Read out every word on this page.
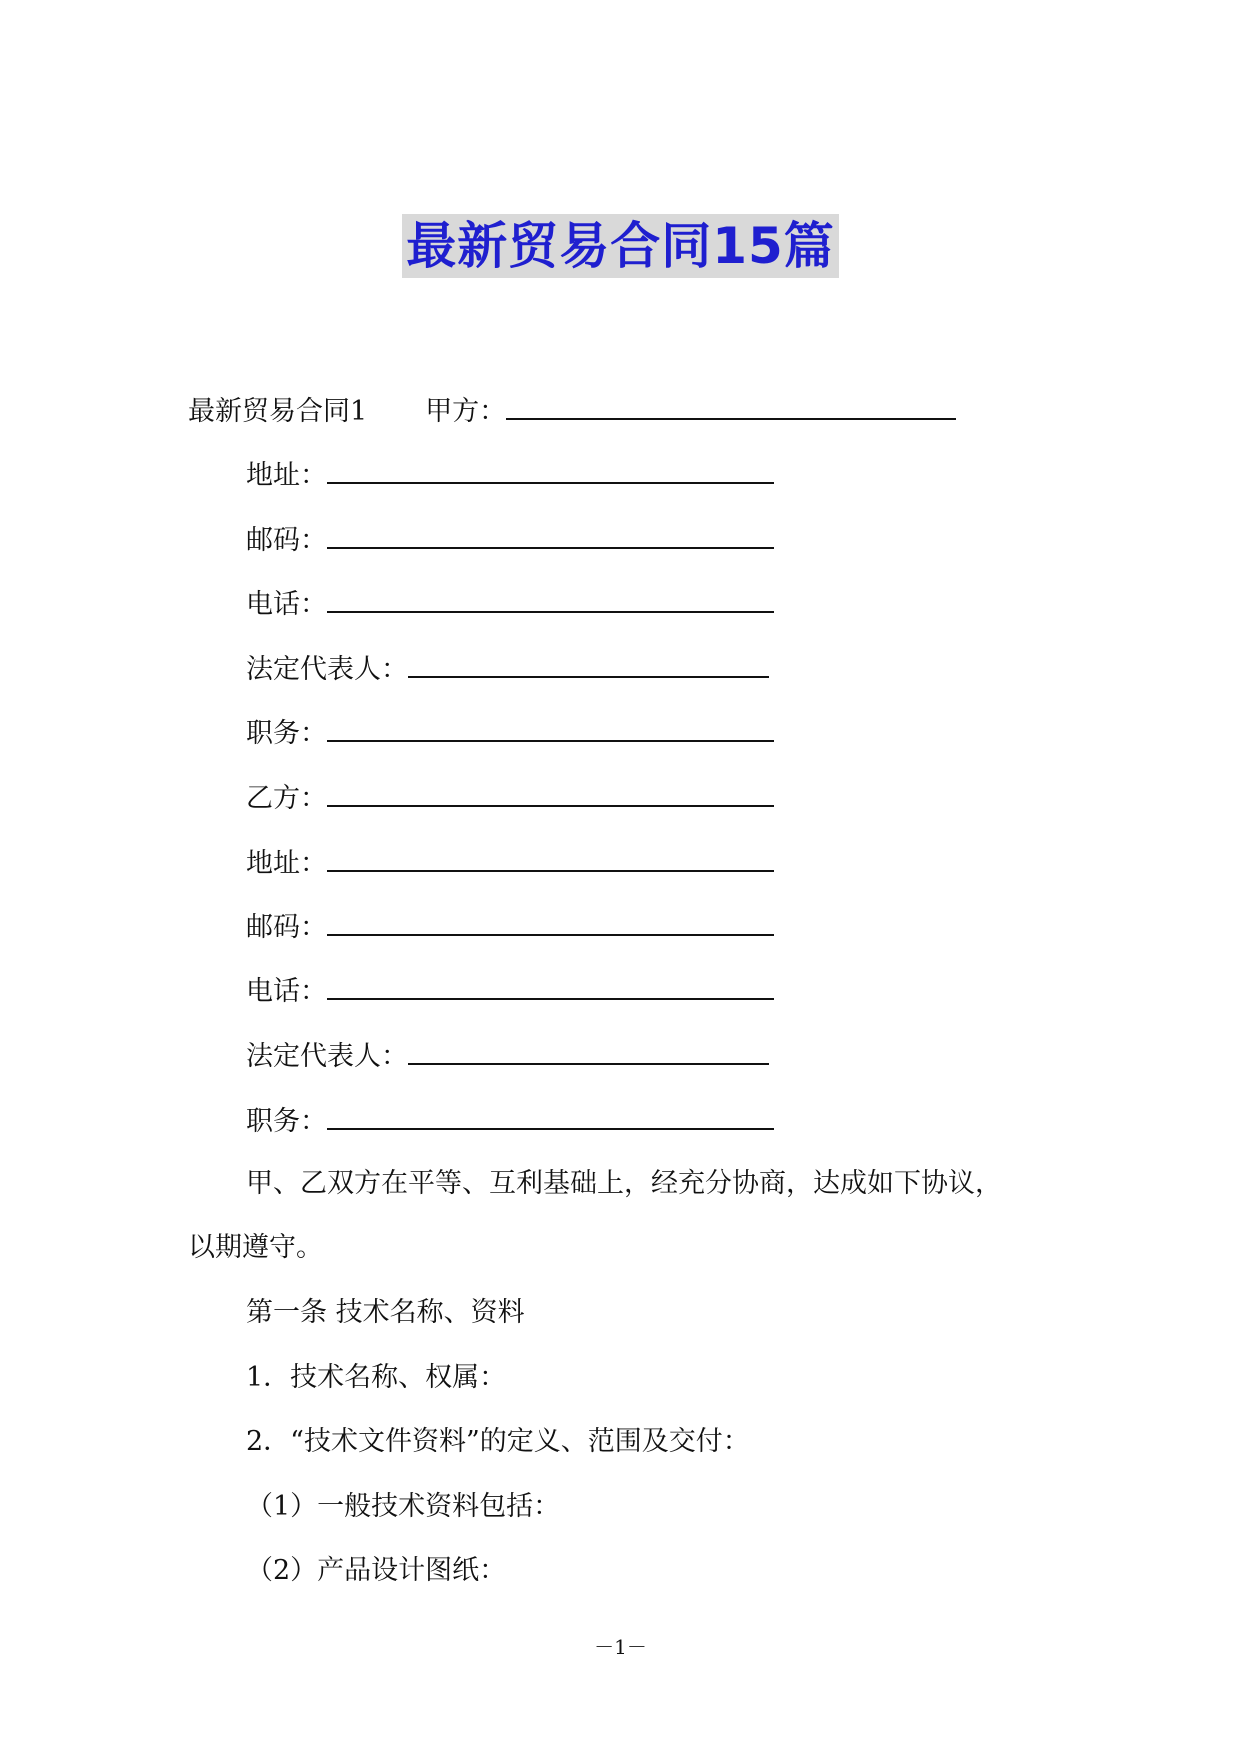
最新贸易合同15篇
最新贸易合同1 甲方：
地址：
邮码：
电话：
法定代表人：
职务：
乙方：
地址：
邮码：
电话：
法定代表人：
职务：
甲、乙双方在平等、互利基础上，经充分协商，达成如下协议，
以期遵守。
第一条 技术名称、资料
1．技术名称、权属：
2．“技术文件资料”的定义、范围及交付：
（1）一般技术资料包括：
（2）产品设计图纸：
－1－
